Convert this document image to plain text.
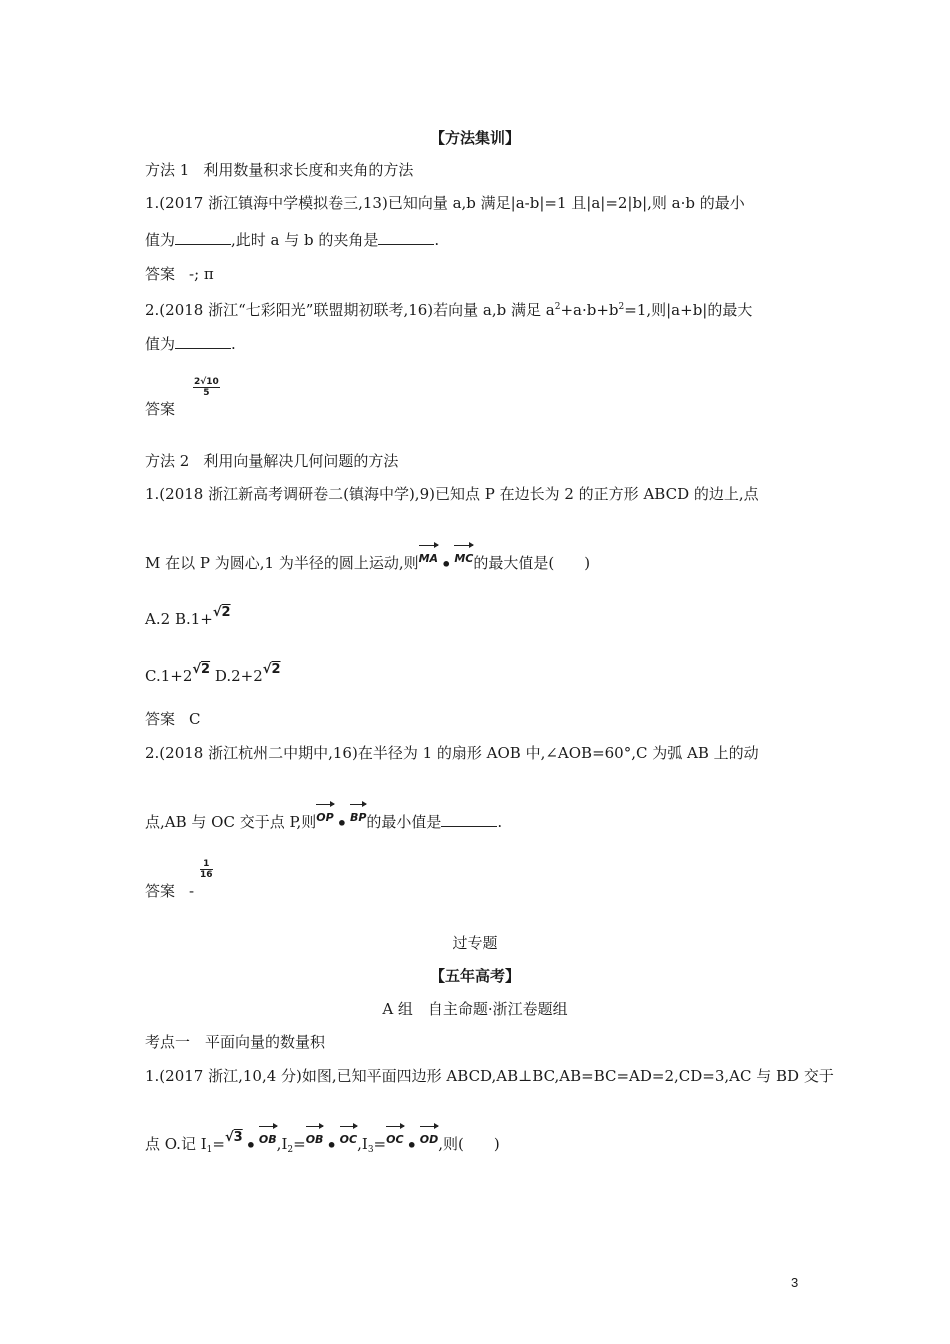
【方法集训】
方法 1 利用数量积求长度和夹角的方法
1.(2017 浙江镇海中学模拟卷三,13)已知向量 a,b 满足|a-b|=1 且|a|=2|b|,则 a·b 的最小
值为	,此时 a 与 b 的夹角是	.
答案 -; π
2.(2018 浙江“七彩阳光”联盟期初联考,16)若向量 a,b 满足 $a^2+a\cdot b+b^2=1$,则|a+b|的最大
值为	.
答案
$\frac{2√10}{5}$
方法 2 利用向量解决几何问题的方法
1.(2018 浙江新高考调研卷二(镇海中学),9)已知点 P 在边长为 2 的正方形 ABCD 的边上,点
M 在以 P 为圆心,1 为半径的圆上运动,则
MA • MC的最大值是(　　)
A.2 B.1+√2
C.1+2√2 D.2+2√2
答案 C
2.(2018 浙江杭州二中期中,16)在半径为 1 的扇形 AOB 中,∠AOB=60°,C 为弧 AB 上的动
点,AB 与 OC 交于点 P,则
OP • BP的最小值是	.
答案 -
$\frac{1}{16}$
过专题
【五年高考】
A 组　自主命题·浙江卷题组
考点一　平面向量的数量积
1.(2017 浙江,10,4 分)如图,已知平面四边形 ABCD,AB⊥BC,AB=BC=AD=2,CD=3,AC 与 BD 交于
点 O.记 $I_1=√3$ • $OB,I_2=$
OB • $OC,I_3=$
OC • OD,则(　　)
3
